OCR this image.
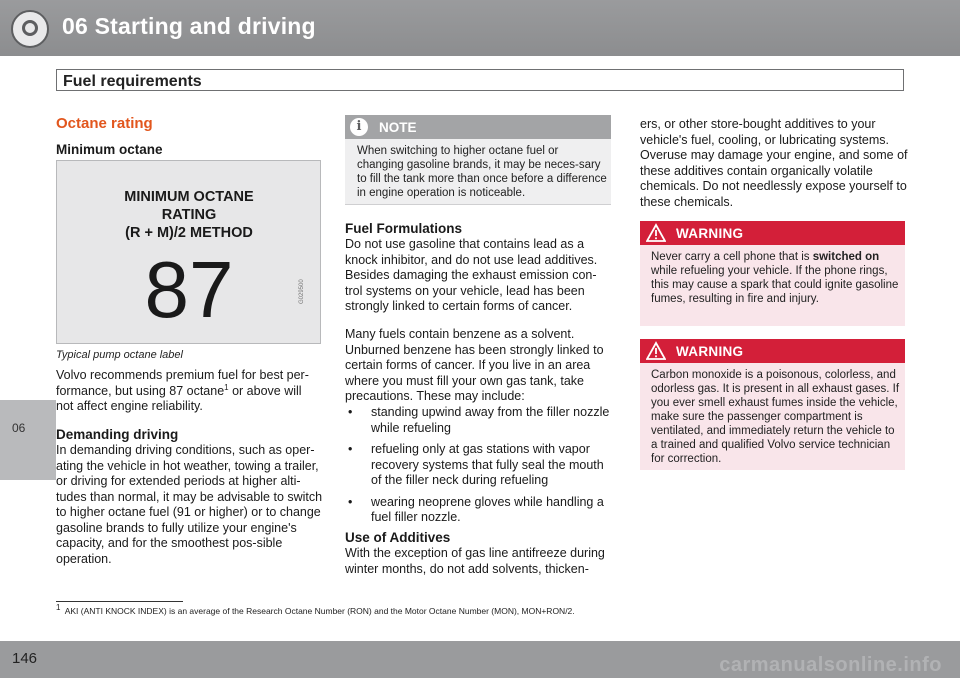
06 Starting and driving
06
Fuel requirements
Octane rating
Minimum octane
MINIMUM OCTANE
RATING
(R + M)/2 METHOD
87	G029500
Typical pump octane label
Volvo recommends premium fuel for best per-
formance, but using 87 octane$^1$ or above will
not affect engine reliability.
Demanding driving
In demanding driving conditions, such as oper-ating the vehicle in hot weather, towing a trailer, or driving for extended periods at higher alti-tudes than normal, it may be advisable to switch to higher octane fuel (91 or higher) or to change gasoline brands to fully utilize your engine's capacity, and for the smoothest pos-sible operation.
i	NOTE
When switching to higher octane fuel or changing gasoline brands, it may be neces-sary to fill the tank more than once before a difference in engine operation is noticeable.
Fuel Formulations
Do not use gasoline that contains lead as a knock inhibitor, and do not use lead additives. Besides damaging the exhaust emission con-trol systems on your vehicle, lead has been strongly linked to certain forms of cancer.
Many fuels contain benzene as a solvent. Unburned benzene has been strongly linked to certain forms of cancer. If you live in an area where you must fill your own gas tank, take precautions. These may include:
• standing upwind away from the filler nozzle while refueling
• refueling only at gas stations with vapor recovery systems that fully seal the mouth of the filler neck during refueling
• wearing neoprene gloves while handling a fuel filler nozzle.
Use of Additives
With the exception of gas line antifreeze during winter months, do not add solvents, thicken-
ers, or other store-bought additives to your vehicle's fuel, cooling, or lubricating systems. Overuse may damage your engine, and some of these additives contain organically volatile chemicals. Do not needlessly expose yourself to these chemicals.
WARNING
Never carry a cell phone that is switched on while refueling your vehicle. If the phone rings, this may cause a spark that could ignite gasoline fumes, resulting in fire and injury.
WARNING
Carbon monoxide is a poisonous, colorless, and odorless gas. It is present in all exhaust gases. If you ever smell exhaust fumes inside the vehicle, make sure the passenger compartment is ventilated, and immediately return the vehicle to a trained and qualified Volvo service technician for correction.
$^1$ AKI (ANTI KNOCK INDEX) is an average of the Research Octane Number (RON) and the Motor Octane Number (MON), MON+RON/2.
146	carmanualsonline.info
